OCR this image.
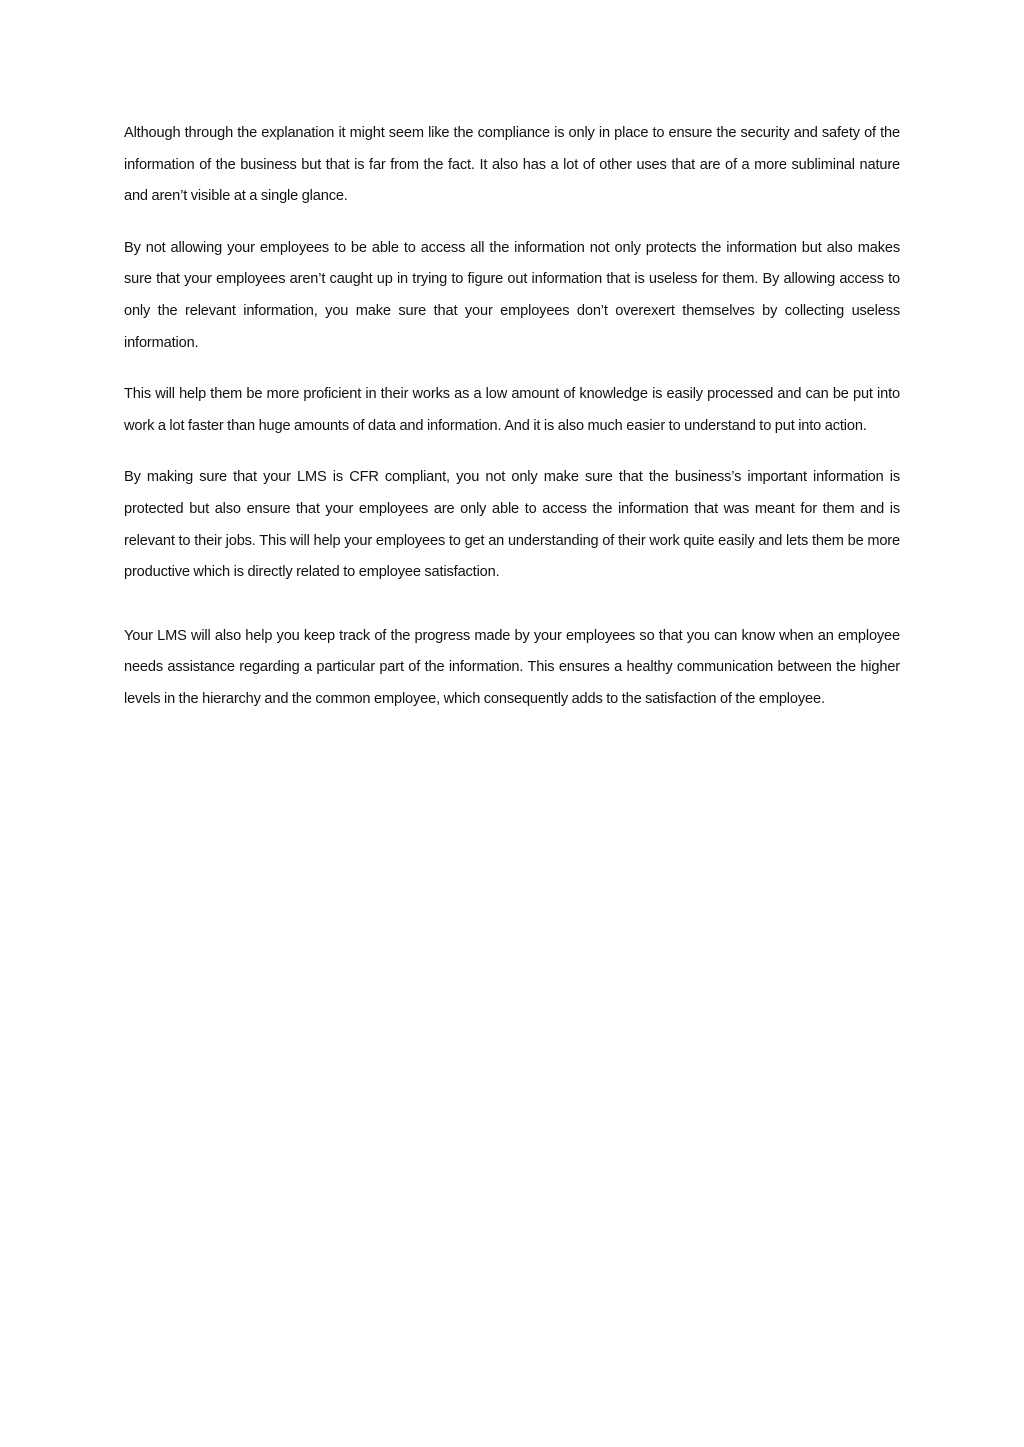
Although through the explanation it might seem like the compliance is only in place to ensure the security and safety of the information of the business but that is far from the fact. It also has a lot of other uses that are of a more subliminal nature and aren’t visible at a single glance.

By not allowing your employees to be able to access all the information not only protects the information but also makes sure that your employees aren’t caught up in trying to figure out information that is useless for them. By allowing access to only the relevant information, you make sure that your employees don’t overexert themselves by collecting useless information.

This will help them be more proficient in their works as a low amount of knowledge is easily processed and can be put into work a lot faster than huge amounts of data and information. And it is also much easier to understand to put into action.

By making sure that your LMS is CFR compliant, you not only make sure that the business’s important information is protected but also ensure that your employees are only able to access the information that was meant for them and is relevant to their jobs. This will help your employees to get an understanding of their work quite easily and lets them be more productive which is directly related to employee satisfaction.

Your LMS will also help you keep track of the progress made by your employees so that you can know when an employee needs assistance regarding a particular part of the information. This ensures a healthy communication between the higher levels in the hierarchy and the common employee, which consequently adds to the satisfaction of the employee.
